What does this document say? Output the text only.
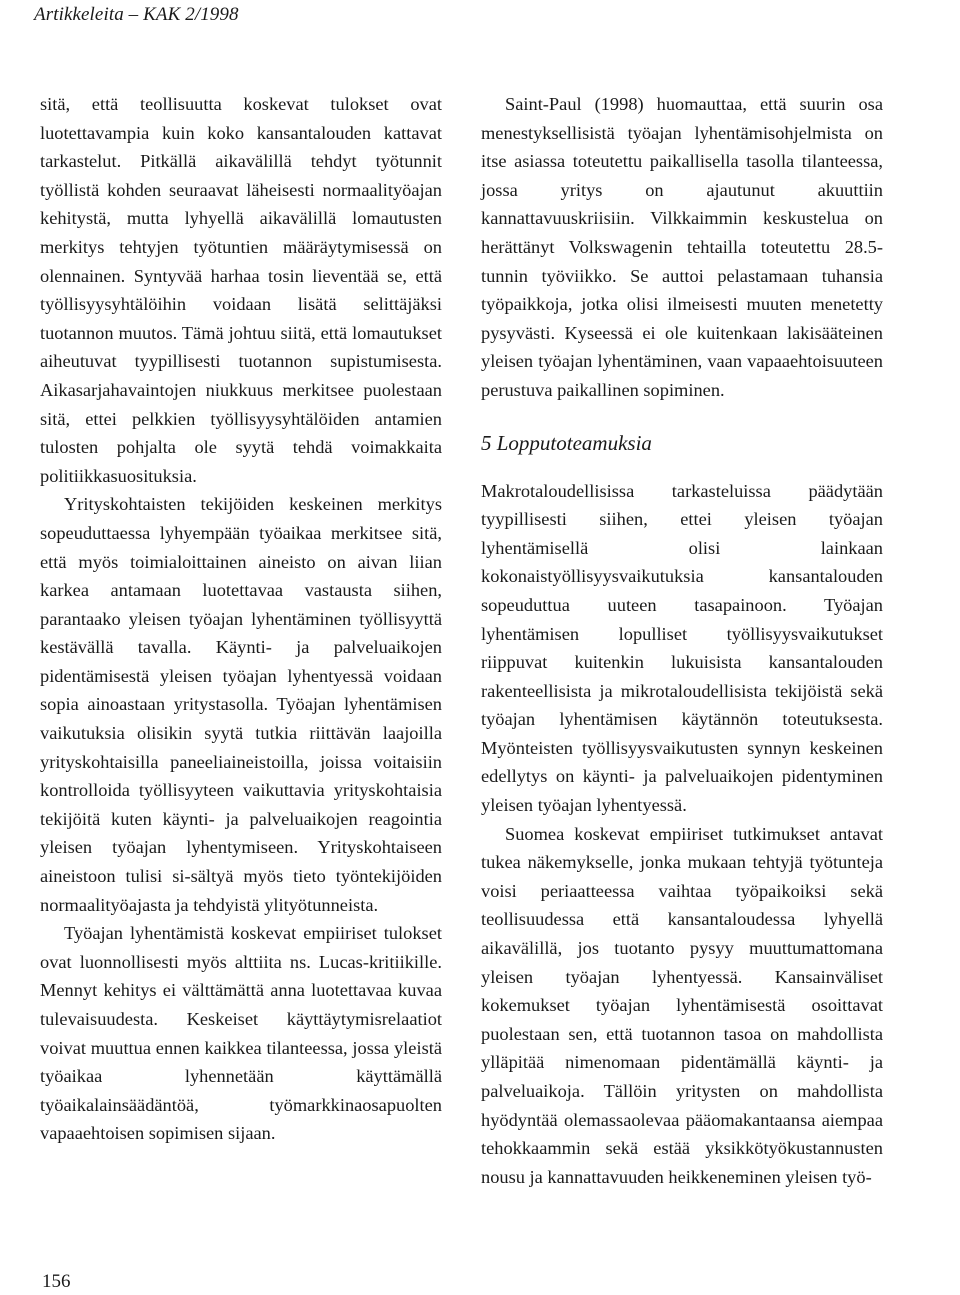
Artikkeleita – KAK 2/1998

sitä, että teollisuutta koskevat tulokset ovat luotettavampia kuin koko kansantalouden kattavat tarkastelut. Pitkällä aikavälillä tehdyt työtunnit työllistä kohden seuraavat läheisesti normaalityöajan kehitystä, mutta lyhyellä aikavälillä lomautusten merkitys tehtyjen työtuntien määräytymisessä on olennainen. Syntyvää harhaa tosin lieventää se, että työllisyysyhtälöihin voidaan lisätä selittäjäksi tuotannon muutos. Tämä johtuu siitä, että lomautukset aiheutuvat tyypillisesti tuotannon supistumisesta. Aikasarjahavaintojen niukkuus merkitsee puolestaan sitä, ettei pelkkien työllisyysyhtälöiden antamien tulosten pohjalta ole syytä tehdä voimakkaita politiikkasuosituksia.

Yrityskohtaisten tekijöiden keskeinen merkitys sopeuduttaessa lyhyempään työaikaa merkitsee sitä, että myös toimialoittainen aineisto on aivan liian karkea antamaan luotettavaa vastausta siihen, parantaako yleisen työajan lyhentäminen työllisyyttä kestävällä tavalla. Käynti- ja palveluaikojen pidentämisestä yleisen työajan lyhentyessä voidaan sopia ainoastaan yritystasolla. Työajan lyhentämisen vaikutuksia olisikin syytä tutkia riittävän laajoilla yrityskohtaisilla paneeliaineistoilla, joissa voitaisiin kontrolloida työllisyyteen vaikuttavia yrityskohtaisia tekijöitä kuten käynti- ja palveluaikojen reagointia yleisen työajan lyhentymiseen. Yrityskohtaiseen aineistoon tulisi si-sältyä myös tieto työntekijöiden normaalityöajasta ja tehdyistä ylityötunneista.

Työajan lyhentämistä koskevat empiiriset tulokset ovat luonnollisesti myös alttiita ns. Lucas-kritiikille. Mennyt kehitys ei välttämättä anna luotettavaa kuvaa tulevaisuudesta. Keskeiset käyttäytymisrelaatiot voivat muuttua ennen kaikkea tilanteessa, jossa yleistä työaikaa lyhennetään käyttämällä työaikalainsäädäntöä, työmarkkinaosapuolten vapaaehtoisen sopimisen sijaan.

Saint-Paul (1998) huomauttaa, että suurin osa menestyksellisistä työajan lyhentämisohjelmista on itse asiassa toteutettu paikallisella tasolla tilanteessa, jossa yritys on ajautunut akuuttiin kannattavuuskriisiin. Vilkkaimmin keskustelua on herättänyt Volkswagenin tehtailla toteutettu 28.5-tunnin työviikko. Se auttoi pelastamaan tuhansia työpaikkoja, jotka olisi ilmeisesti muuten menetetty pysyvästi. Kyseessä ei ole kuitenkaan lakisääteinen yleisen työajan lyhentäminen, vaan vapaaehtoisuuteen perustuva paikallinen sopiminen.

5 Lopputoteamuksia

Makrotaloudellisissa tarkasteluissa päädytään tyypillisesti siihen, ettei yleisen työajan lyhentämisellä olisi lainkaan kokonaistyöllisyysvaikutuksia kansantalouden sopeuduttua uuteen tasapainoon. Työajan lyhentämisen lopulliset työllisyysvaikutukset riippuvat kuitenkin lukuisista kansantalouden rakenteellisista ja mikrotaloudellisista tekijöistä sekä työajan lyhentämisen käytännön toteutuksesta. Myönteisten työllisyysvaikutusten synnyn keskeinen edellytys on käynti- ja palveluaikojen pidentyminen yleisen työajan lyhentyessä.

Suomea koskevat empiiriset tutkimukset antavat tukea näkemykselle, jonka mukaan tehtyjä työtunteja voisi periaatteessa vaihtaa työpaikoiksi sekä teollisuudessa että kansantaloudessa lyhyellä aikavälillä, jos tuotanto pysyy muuttumattomana yleisen työajan lyhentyessä. Kansainväliset kokemukset työajan lyhentämisestä osoittavat puolestaan sen, että tuotannon tasoa on mahdollista ylläpitää nimenomaan pidentämällä käynti- ja palveluaikoja. Tällöin yritysten on mahdollista hyödyntää olemassaolevaa pääomakantaansa aiempaa tehokkaammin sekä estää yksikkötyökustannusten nousu ja kannattavuuden heikkeneminen yleisen työ-

156
